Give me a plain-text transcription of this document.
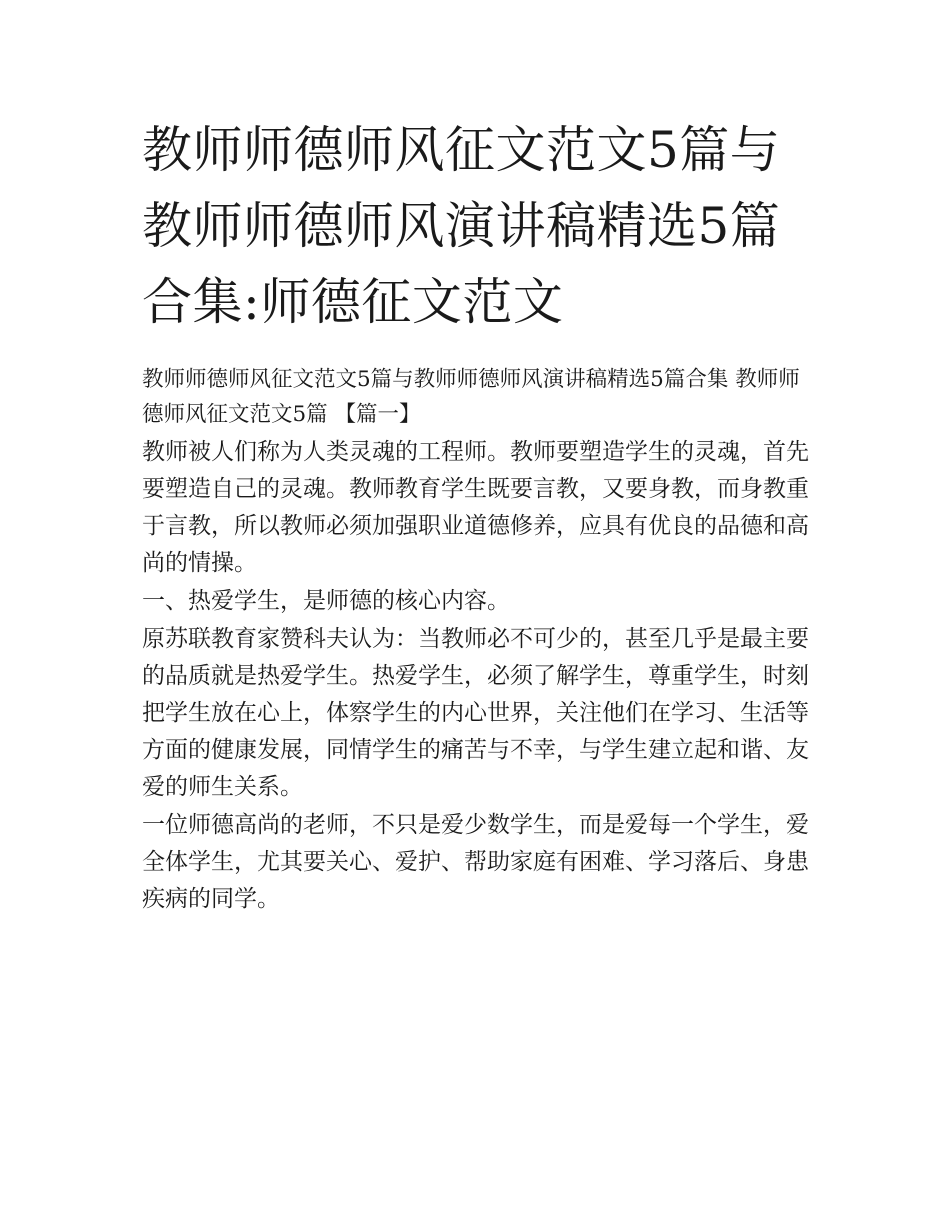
教师师德师风征文范文5篇与教师师德师风演讲稿精选5篇合集:师德征文范文

教师师德师风征文范文5篇与教师师德师风演讲稿精选5篇合集 教师师德师风征文范文5篇 【篇一】

教师被人们称为人类灵魂的工程师。教师要塑造学生的灵魂，首先要塑造自己的灵魂。教师教育学生既要言教，又要身教，而身教重于言教，所以教师必须加强职业道德修养，应具有优良的品德和高尚的情操。

一、热爱学生，是师德的核心内容。

原苏联教育家赞科夫认为：当教师必不可少的，甚至几乎是最主要的品质就是热爱学生。热爱学生，必须了解学生，尊重学生，时刻把学生放在心上，体察学生的内心世界，关注他们在学习、生活等方面的健康发展，同情学生的痛苦与不幸，与学生建立起和谐、友爱的师生关系。

一位师德高尚的老师，不只是爱少数学生，而是爱每一个学生，爱全体学生，尤其要关心、爱护、帮助家庭有困难、学习落后、身患疾病的同学。
